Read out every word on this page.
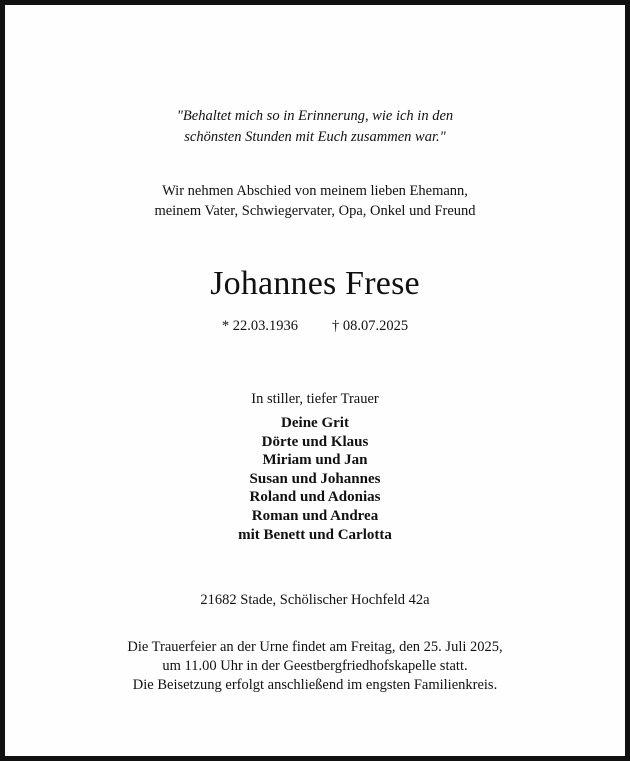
"Behaltet mich so in Erinnerung, wie ich in den
schönsten Stunden mit Euch zusammen war."
Wir nehmen Abschied von meinem lieben Ehemann,
meinem Vater, Schwiegervater, Opa, Onkel und Freund
Johannes Frese
* 22.03.1936 † 08.07.2025
In stiller, tiefer Trauer
Deine Grit
Dörte und Klaus
Miriam und Jan
Susan und Johannes
Roland und Adonias
Roman und Andrea
mit Benett und Carlotta
21682 Stade, Schölischer Hochfeld 42a
Die Trauerfeier an der Urne findet am Freitag, den 25. Juli 2025,
um 11.00 Uhr in der Geestbergfriedhofskapelle statt.
Die Beisetzung erfolgt anschließend im engsten Familienkreis.
